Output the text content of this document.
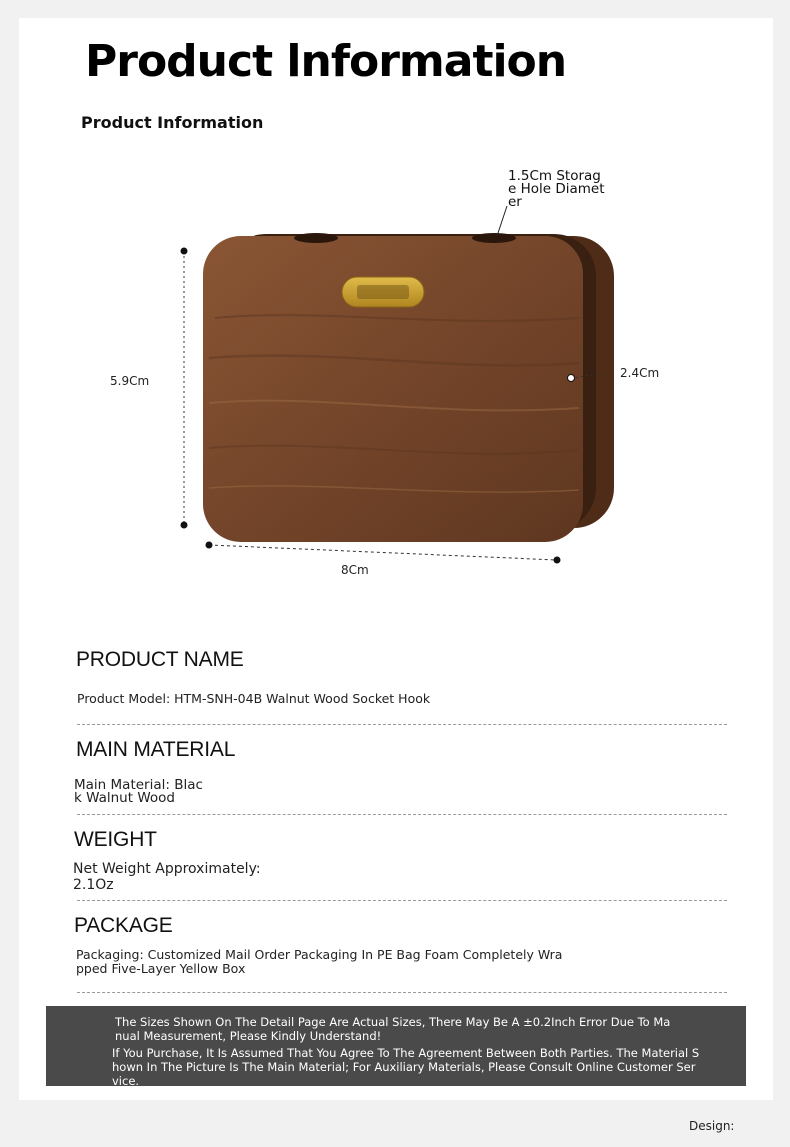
Product lnformation
Product Information
1.5Cm Storage Hole Diameter
5.9Cm
2.4Cm
8Cm
PRODUCT NAME

Product Model: HTM-SNH-04B Walnut Wood Socket Hook

MAIN MATERIAL

Main Material: Black Walnut Wood

WEIGHT

Net Weight Approximately: 2.1Oz

PACKAGE

Packaging: Customized Mail Order Packaging In PE Bag Foam Completely Wrapped Five-Layer Yellow Box

The Sizes Shown On The Detail Page Are Actual Sizes, There May Be A ±0.2Inch Error Due To Manual Measurement, Please Kindly Understand!

If You Purchase, It Is Assumed That You Agree To The Agreement Between Both Parties. The Material Shown In The Picture Is The Main Material; For Auxiliary Materials, Please Consult Online Customer Service.

Design:
